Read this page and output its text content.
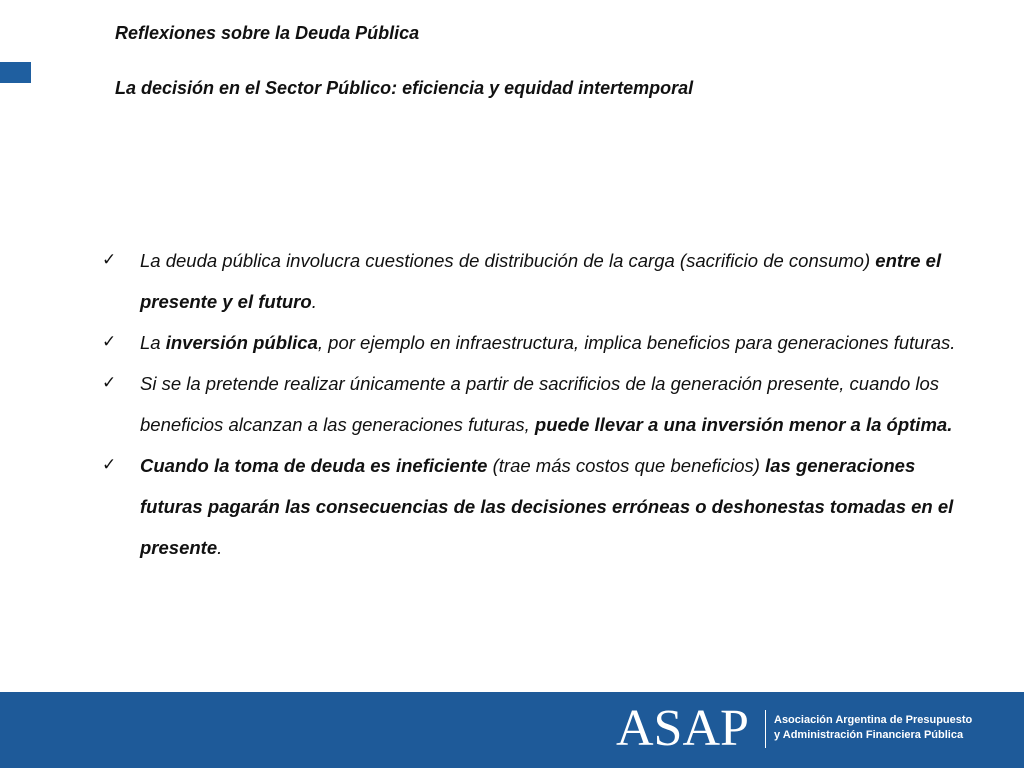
Reflexiones sobre la Deuda Pública
La decisión en el Sector Público: eficiencia y equidad intertemporal
✓ La deuda pública involucra cuestiones de distribución de la carga (sacrificio de consumo) entre el presente y el futuro.
✓ La inversión pública, por ejemplo en infraestructura, implica beneficios para generaciones futuras.
✓ Si se la pretende realizar únicamente a partir de sacrificios de la generación presente, cuando los beneficios alcanzan a las generaciones futuras, puede llevar a una inversión menor a la óptima.
✓ Cuando la toma de deuda es ineficiente (trae más costos que beneficios) las generaciones futuras pagarán las consecuencias de las decisiones erróneas o deshonestas tomadas en el presente.
ASAP Asociación Argentina de Presupuesto
y Administración Financiera Pública
